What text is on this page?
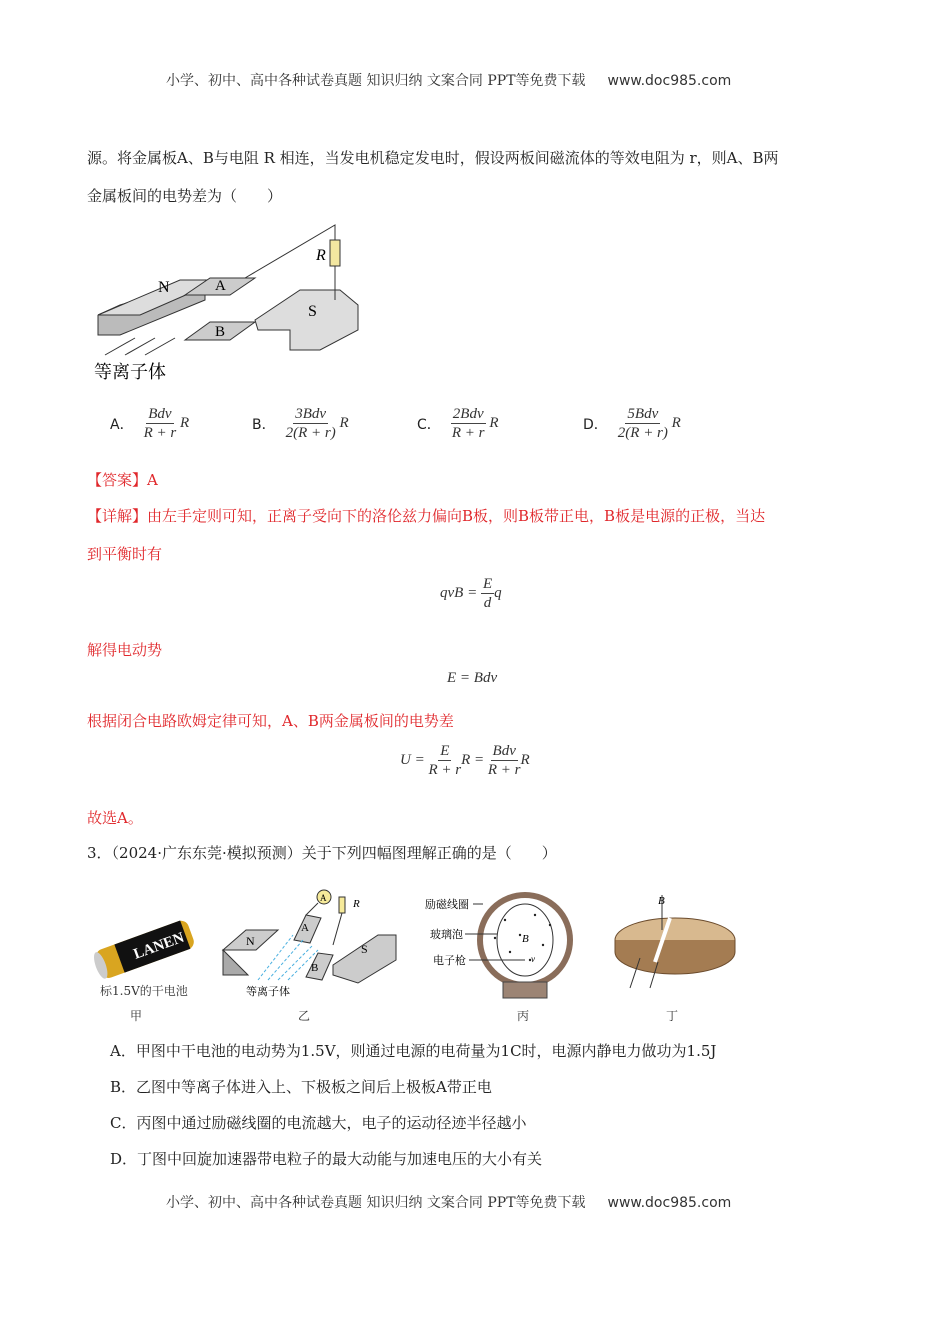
小学、初中、高中各种试卷真题 知识归纳 文案合同 PPT等免费下载 www.doc985.com
源。将金属板A、B与电阻 R 相连，当发电机稳定发电时，假设两板间磁流体的等效电阻为 r，则A、B两
金属板间的电势差为（　　）
N	A
B
S
R
等离子体
A． $\frac{\text{Bdv}}{R + r}$ R	B． $\frac{\text{3Bdv}}{2(R + r)}$ R	C． $\frac{\text{2Bdv}}{R + r}$ R	D． $\frac{\text{5Bdv}}{2(R + r)}$ R
【答案】A
【详解】由左手定则可知，正离子受向下的洛伦兹力偏向B板，则B板带正电，B板是电源的正极，当达
到平衡时有
qvB = $\frac{E}{d}$ q
解得电动势
E = Bdv
根据闭合电路欧姆定律可知，A、B两金属板间的电势差
$U = \frac{E}{R + r}$ $R = \frac{\text{Bdv}}{R + r}$ R
故选A。
3．（2024·广东东莞·模拟预测）关于下列四幅图理解正确的是（　　）
LANEN
标1.5V的干电池
甲
A R
N
A
B
S
等离子体
乙
B
v
励磁线圈
玻璃泡
电子枪
丙
B
丁
A．甲图中干电池的电动势为1.5V，则通过电源的电荷量为1C时，电源内静电力做功为1.5J
B．乙图中等离子体进入上、下极板之间后上极板A带正电
C．丙图中通过励磁线圈的电流越大，电子的运动径迹半径越小
D．丁图中回旋加速器带电粒子的最大动能与加速电压的大小有关
小学、初中、高中各种试卷真题 知识归纳 文案合同 PPT等免费下载 www.doc985.com
